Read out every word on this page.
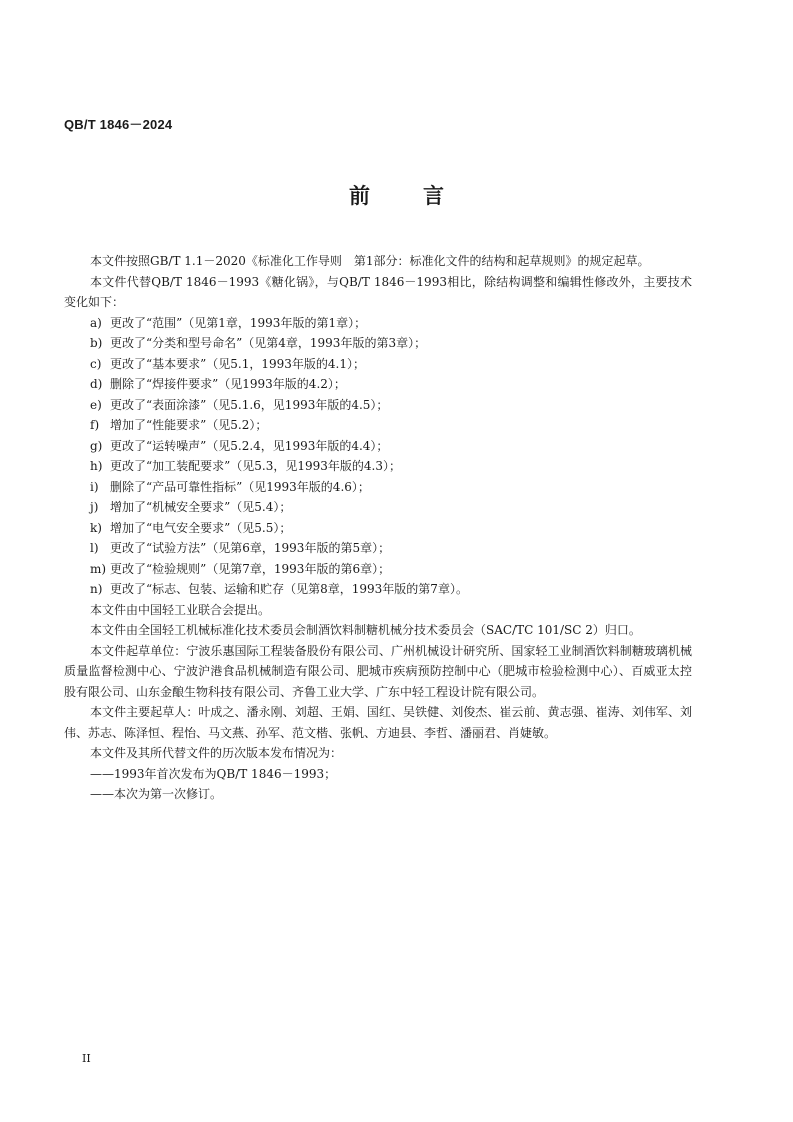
QB/T 1846－2024
前　言

本文件按照GB/T 1.1－2020《标准化工作导则　第1部分：标准化文件的结构和起草规则》的规定起草。

本文件代替QB/T 1846－1993《糖化锅》，与QB/T 1846－1993相比，除结构调整和编辑性修改外，主要技术变化如下：

a) 更改了“范围”（见第1章，1993年版的第1章）；
b) 更改了“分类和型号命名”（见第4章，1993年版的第3章）；
c) 更改了“基本要求”（见5.1，1993年版的4.1）；
d) 删除了“焊接件要求”（见1993年版的4.2）；
e) 更改了“表面涂漆”（见5.1.6，见1993年版的4.5）；
f) 增加了“性能要求”（见5.2）；
g) 更改了“运转噪声”（见5.2.4，见1993年版的4.4）；
h) 更改了“加工装配要求”（见5.3，见1993年版的4.3）；
i) 删除了“产品可靠性指标”（见1993年版的4.6）；
j) 增加了“机械安全要求”（见5.4）；
k) 增加了“电气安全要求”（见5.5）；
l) 更改了“试验方法”（见第6章，1993年版的第5章）；
m) 更改了“检验规则”（见第7章，1993年版的第6章）；
n) 更改了“标志、包装、运输和贮存（见第8章，1993年版的第7章）。

本文件由中国轻工业联合会提出。

本文件由全国轻工机械标准化技术委员会制酒饮料制糖机械分技术委员会（SAC/TC 101/SC 2）归口。

本文件起草单位：宁波乐惠国际工程装备股份有限公司、广州机械设计研究所、国家轻工业制酒饮料制糖玻璃机械质量监督检测中心、宁波沪港食品机械制造有限公司、肥城市疾病预防控制中心（肥城市检验检测中心）、百威亚太控股有限公司、山东金酿生物科技有限公司、齐鲁工业大学、广东中轻工程设计院有限公司。

本文件主要起草人：叶成之、潘永刚、刘超、王娟、国红、吴铁健、刘俊杰、崔云前、黄志强、崔涛、刘伟军、刘伟、苏志、陈泽恒、程怡、马文燕、孙军、范文楷、张帆、方迪县、李哲、潘丽君、肖婕敏。

本文件及其所代替文件的历次版本发布情况为：

——1993年首次发布为QB/T 1846－1993；
——本次为第一次修订。
II
